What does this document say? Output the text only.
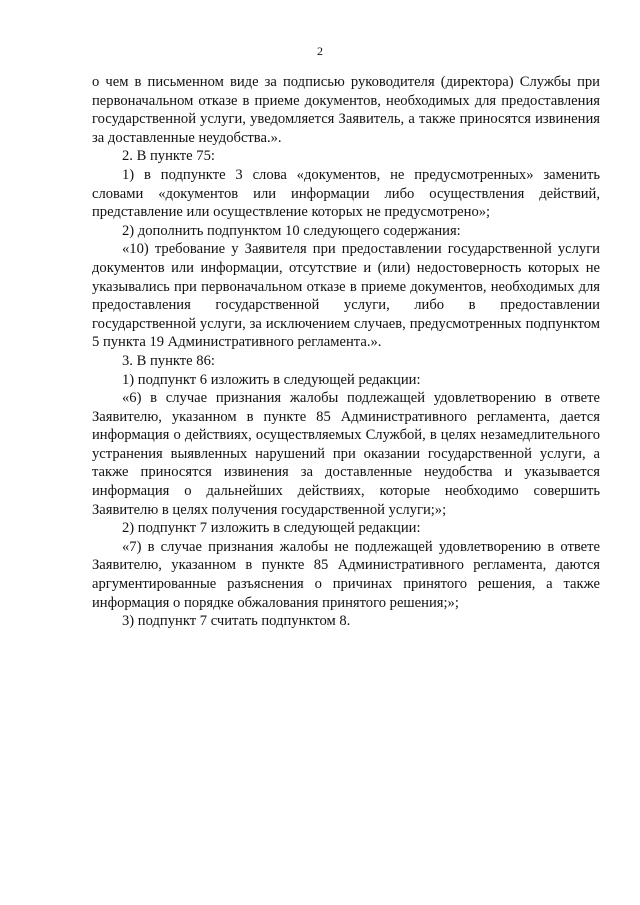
2

о чем в письменном виде за подписью руководителя (директора) Службы при первоначальном отказе в приеме документов, необходимых для предоставления государственной услуги, уведомляется Заявитель, а также приносятся извинения за доставленные неудобства.».

2. В пункте 75:

1) в подпункте 3 слова «документов, не предусмотренных» заменить словами «документов или информации либо осуществления действий, представление или осуществление которых не предусмотрено»;

2) дополнить подпунктом 10 следующего содержания:

«10) требование у Заявителя при предоставлении государственной услуги документов или информации, отсутствие и (или) недостоверность которых не указывались при первоначальном отказе в приеме документов, необходимых для предоставления государственной услуги, либо в предоставлении государственной услуги, за исключением случаев, предусмотренных подпунктом 5 пункта 19 Административного регламента.».

3. В пункте 86:

1) подпункт 6 изложить в следующей редакции:

«6) в случае признания жалобы подлежащей удовлетворению в ответе Заявителю, указанном в пункте 85 Административного регламента, дается информация о действиях, осуществляемых Службой, в целях незамедлительного устранения выявленных нарушений при оказании государственной услуги, а также приносятся извинения за доставленные неудобства и указывается информация о дальнейших действиях, которые необходимо совершить Заявителю в целях получения государственной услуги;»;

2) подпункт 7 изложить в следующей редакции:

«7) в случае признания жалобы не подлежащей удовлетворению в ответе Заявителю, указанном в пункте 85 Административного регламента, даются аргументированные разъяснения о причинах принятого решения, а также информация о порядке обжалования принятого решения;»;

3) подпункт 7 считать подпунктом 8.
